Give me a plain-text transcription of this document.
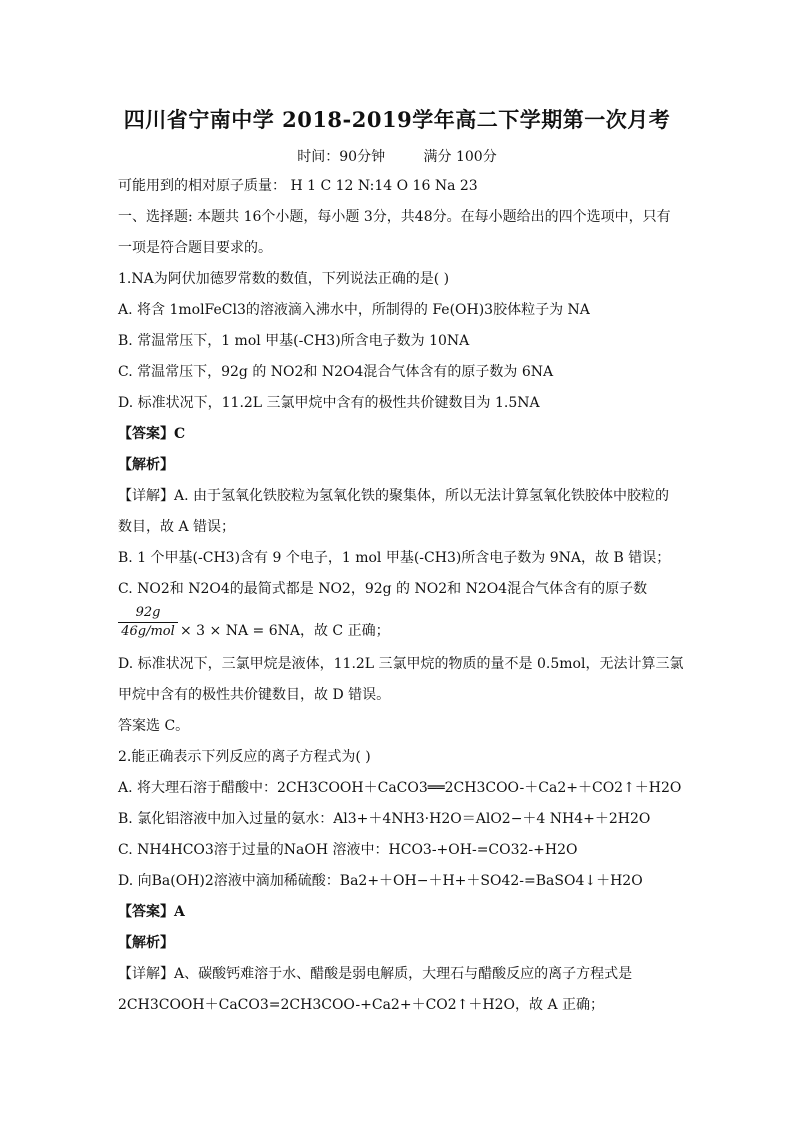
四川省宁南中学 2018-2019学年高二下学期第一次月考
时间：90分钟	满分 100分
可能用到的相对原子质量： H 1 C 12 N:14 O 16 Na 23
一、选择题: 本题共 16个小题，每小题 3分，共48分。在每小题给出的四个选项中，只有
一项是符合题目要求的。
1.NA为阿伏加德罗常数的数值，下列说法正确的是( )
A. 将含 1molFeCl3的溶液滴入沸水中，所制得的 Fe(OH)3胶体粒子为 NA
B. 常温常压下，1 mol 甲基(-CH3)所含电子数为 10NA
C. 常温常压下，92g 的 NO2和 N2O4混合气体含有的原子数为 6NA
D. 标准状况下，11.2L 三氯甲烷中含有的极性共价键数目为 1.5NA
【答案】C
【解析】
【详解】A. 由于氢氧化铁胶粒为氢氧化铁的聚集体，所以无法计算氢氧化铁胶体中胶粒的
数目，故 A 错误；
B. 1 个甲基(-CH3)含有 9 个电子，1 mol 甲基(-CH3)所含电子数为 9NA，故 B 错误；
C. NO2和 N2O4的最简式都是 NO2，92g 的 NO2和 N2O4混合气体含有的原子数
92g
46g/mol × 3 × NA = 6NA，故 C 正确；
D. 标准状况下，三氯甲烷是液体，11.2L 三氯甲烷的物质的量不是 0.5mol，无法计算三氯
甲烷中含有的极性共价键数目，故 D 错误。
答案选 C。
2.能正确表示下列反应的离子方程式为( )
A. 将大理石溶于醋酸中：2CH3COOH＋CaCO3══2CH3COO-＋Ca2+＋CO2↑＋H2O
B. 氯化铝溶液中加入过量的氨水：Al3+＋4NH3·H2O＝AlO2−＋4 NH4+＋2H2O
C. NH4HCO3溶于过量的NaOH 溶液中：HCO3-+OH-=CO32-+H2O
D. 向Ba(OH)2溶液中滴加稀硫酸：Ba2+＋OH−＋H+＋SO42-=BaSO4↓＋H2O
【答案】A
【解析】
【详解】A、碳酸钙难溶于水、醋酸是弱电解质，大理石与醋酸反应的离子方程式是
2CH3COOH＋CaCO3=2CH3COO-+Ca2+＋CO2↑＋H2O，故 A 正确；
